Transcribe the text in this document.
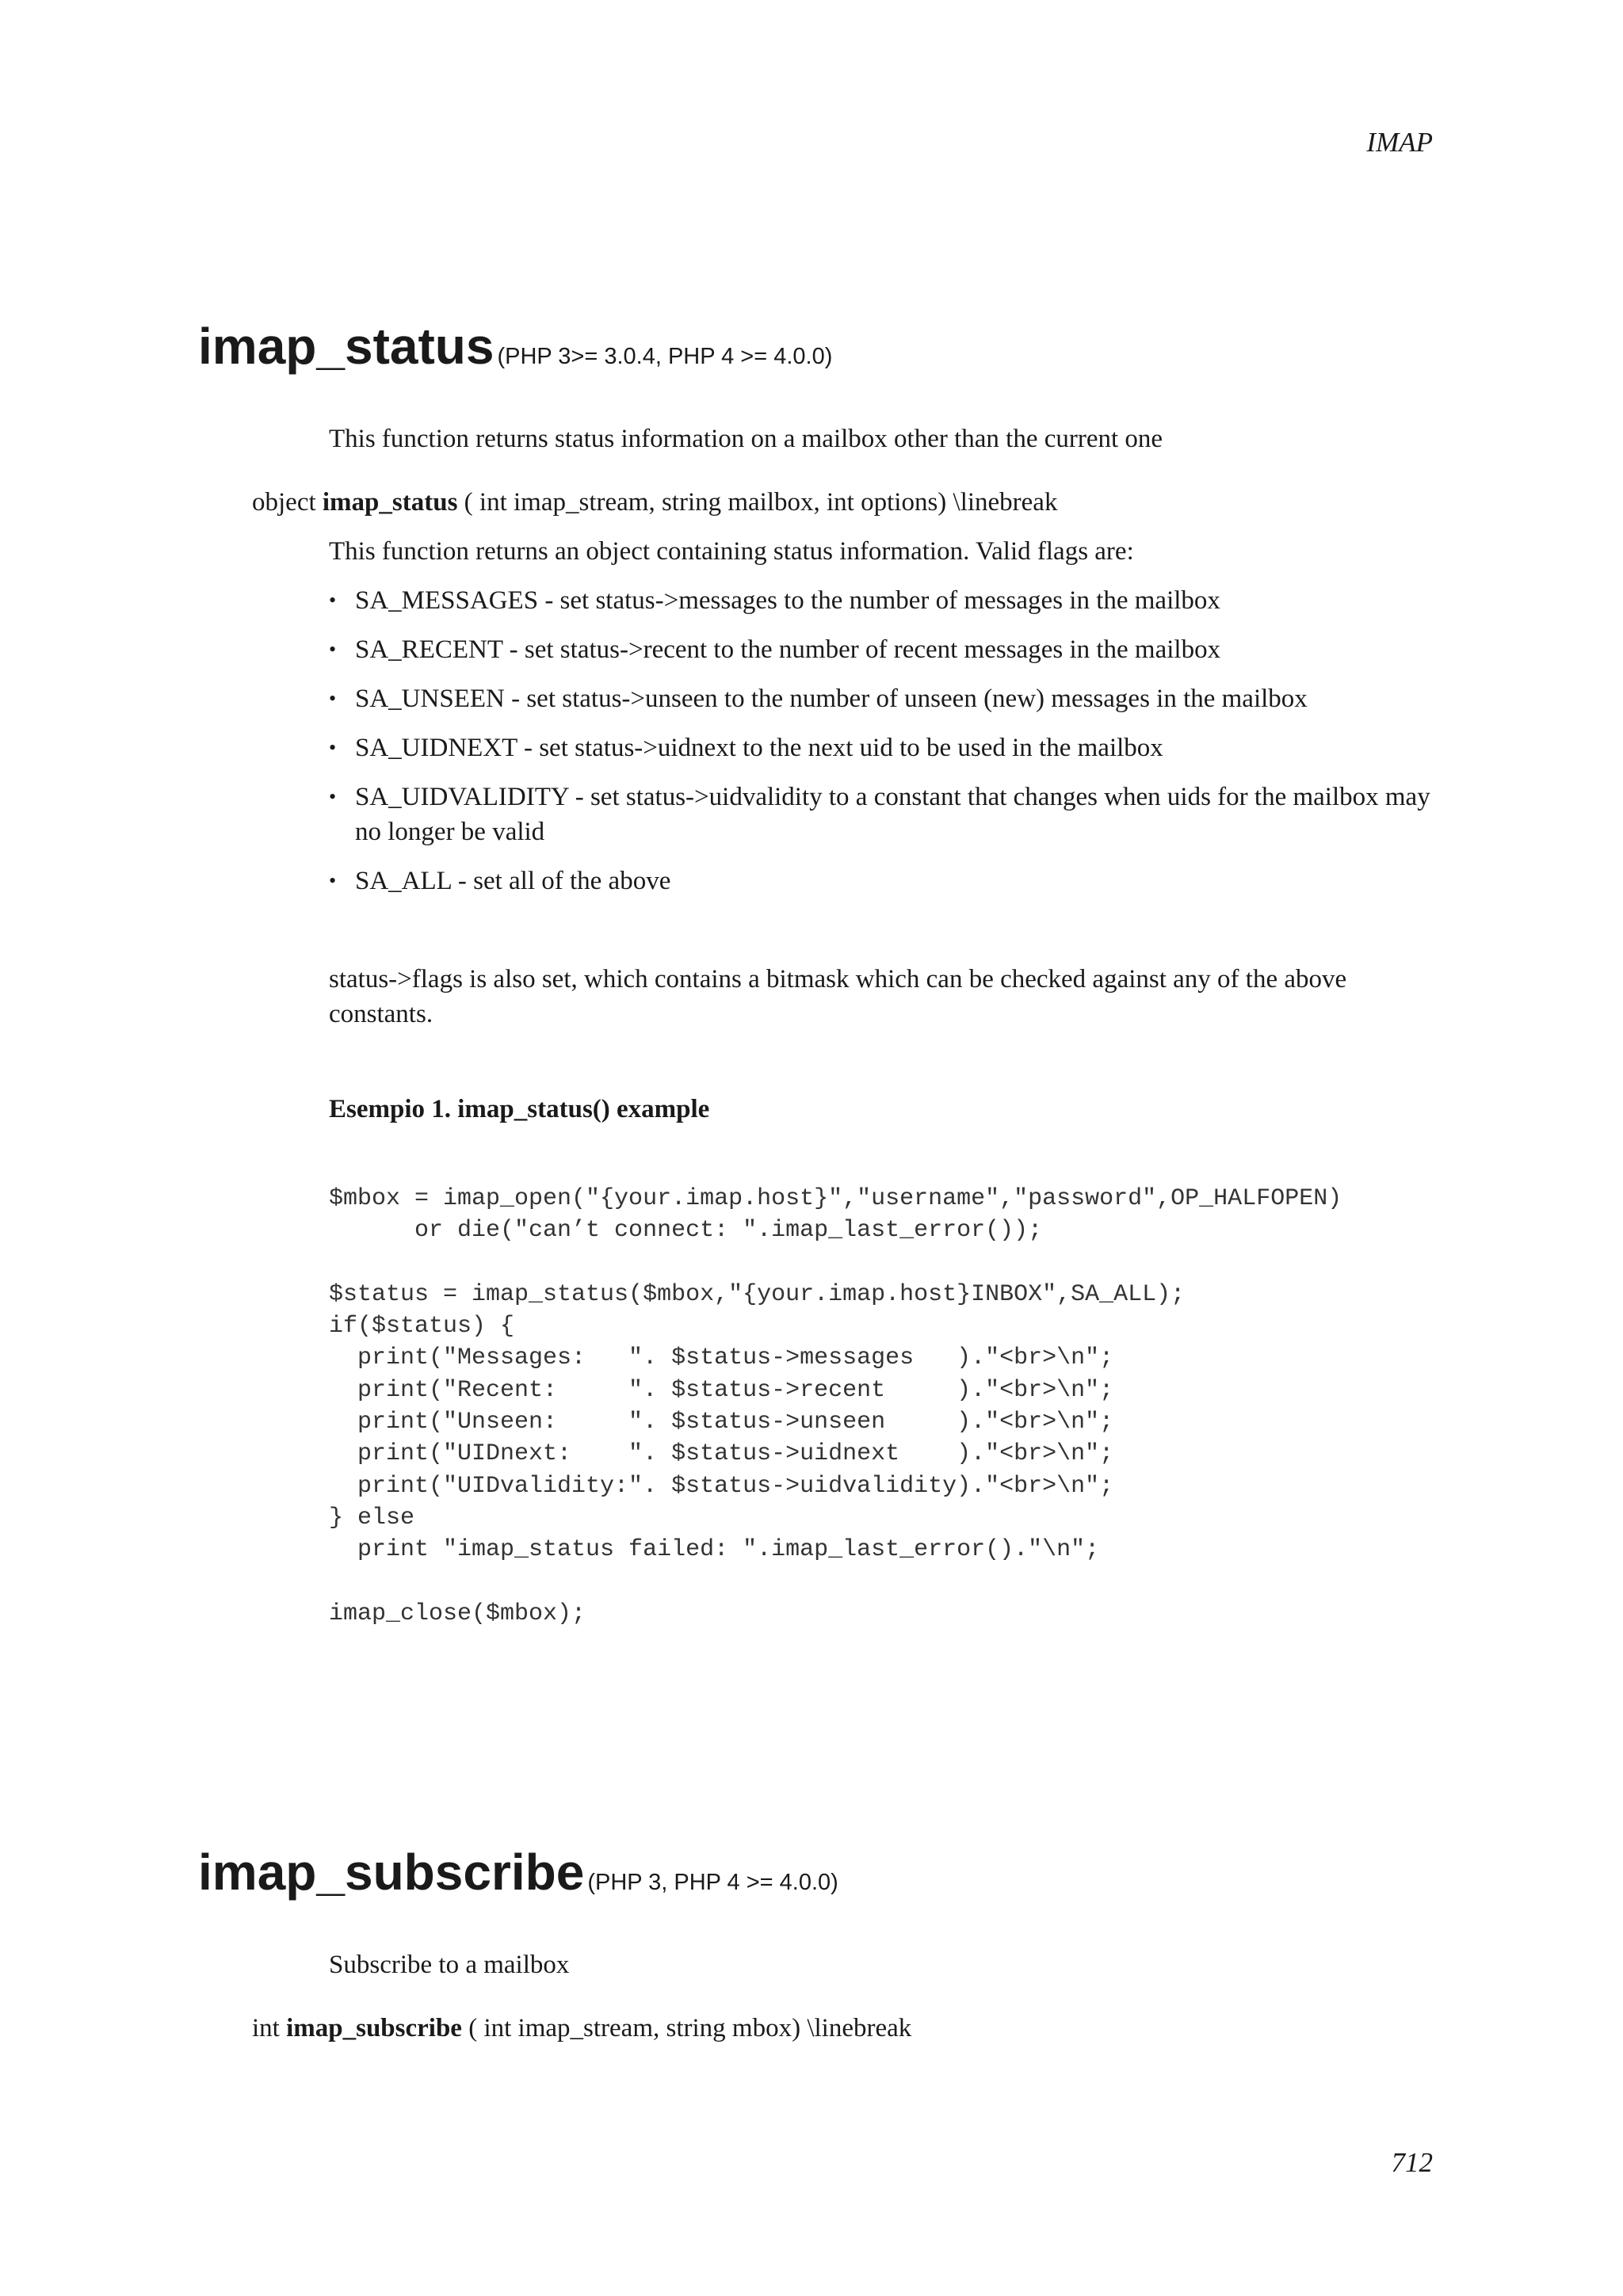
IMAP
imap_status (PHP 3>= 3.0.4, PHP 4 >= 4.0.0)
This function returns status information on a mailbox other than the current one
object imap_status ( int imap_stream, string mailbox, int options) \linebreak
This function returns an object containing status information. Valid flags are:
• SA_MESSAGES - set status->messages to the number of messages in the mailbox
• SA_RECENT - set status->recent to the number of recent messages in the mailbox
• SA_UNSEEN - set status->unseen to the number of unseen (new) messages in the mailbox
• SA_UIDNEXT - set status->uidnext to the next uid to be used in the mailbox
• SA_UIDVALIDITY - set status->uidvalidity to a constant that changes when uids for the mailbox may no longer be valid
• SA_ALL - set all of the above
status->flags is also set, which contains a bitmask which can be checked against any of the above constants.
Esempio 1. imap_status() example
$mbox = imap_open("{your.imap.host}","username","password",OP_HALFOPEN)
or die("can’t connect: ".imap_last_error());

$status = imap_status($mbox,"{your.imap.host}INBOX",SA_ALL);
if($status) {
print("Messages:   ". $status->messages   )."<br>\n";
print("Recent:     ". $status->recent     )."<br>\n";
print("Unseen:     ". $status->unseen     )."<br>\n";
print("UIDnext:    ". $status->uidnext    )."<br>\n";
print("UIDvalidity:". $status->uidvalidity)."<br>\n";
} else
print "imap_status failed: ".imap_last_error()."\n";

imap_close($mbox);
imap_subscribe (PHP 3, PHP 4 >= 4.0.0)
Subscribe to a mailbox
int imap_subscribe ( int imap_stream, string mbox) \linebreak
712
